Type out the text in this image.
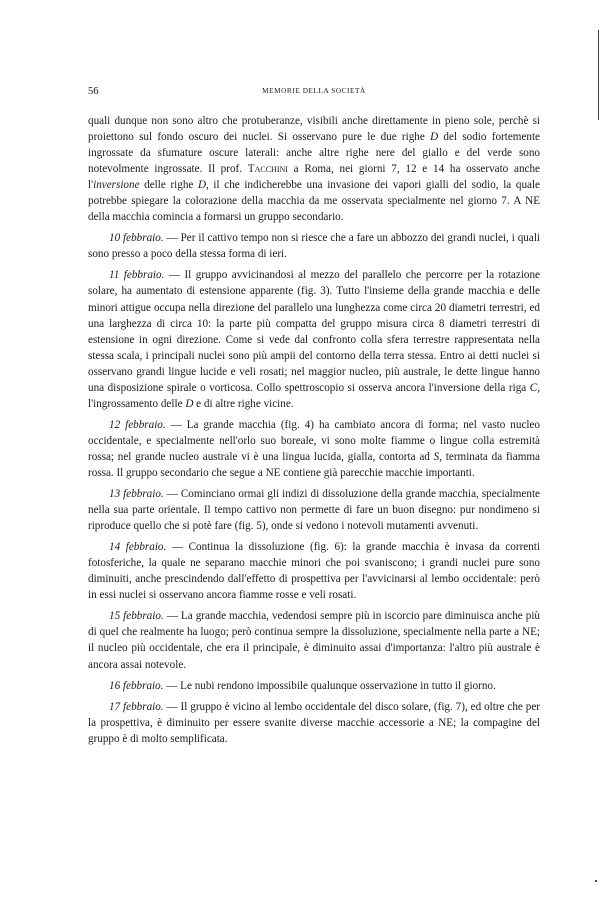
56	MEMORIE DELLA SOCIETÀ

quali dunque non sono altro che protuberanze, visibili anche direttamente in pieno sole, perchè si proiettono sul fondo oscuro dei nuclei. Si osservano pure le due righe D del sodio fortemente ingrossate da sfumature oscure laterali: anche altre righe nere del giallo e del verde sono notevolmente ingrossate. Il prof. Tacchini a Roma, nei giorni 7, 12 e 14 ha osservato anche l'inversione delle righe D, il che indicherebbe una invasione dei vapori gialli del sodio, la quale potrebbe spiegare la colorazione della macchia da me osservata specialmente nel giorno 7. A NE della macchia comincia a formarsi un gruppo secondario.

10 febbraio. — Per il cattivo tempo non si riesce che a fare un abbozzo dei grandi nuclei, i quali sono presso a poco della stessa forma di ieri.

11 febbraio. — Il gruppo avvicinandosi al mezzo del parallelo che percorre per la rotazione solare, ha aumentato di estensione apparente (fig. 3). Tutto l'insieme della grande macchia e delle minori attigue occupa nella direzione del parallelo una lunghezza come circa 20 diametri terrestri, ed una larghezza di circa 10: la parte più compatta del gruppo misura circa 8 diametri terrestri di estensione in ogni direzione. Come si vede dal confronto colla sfera terrestre rappresentata nella stessa scala, i principali nuclei sono più ampii del contorno della terra stessa. Entro ai detti nuclei si osservano grandi lingue lucide e veli rosati; nel maggior nucleo, più australe, le dette lingue hanno una disposizione spirale o vorticosa. Collo spettroscopio si osserva ancora l'inversione della riga C, l'ingrossamento delle D e di altre righe vicine.

12 febbraio. — La grande macchia (fig. 4) ha cambiato ancora di forma; nel vasto nucleo occidentale, e specialmente nell'orlo suo boreale, vi sono molte fiamme o lingue colla estremità rossa; nel grande nucleo australe vi è una lingua lucida, gialla, contorta ad S, terminata da fiamma rossa. Il gruppo secondario che segue a NE contiene già parecchie macchie importanti.

13 febbraio. — Cominciano ormai gli indizi di dissoluzione della grande macchia, specialmente nella sua parte orientale. Il tempo cattivo non permette di fare un buon disegno: pur nondimeno si riproduce quello che si potè fare (fig. 5), onde si vedono i notevoli mutamenti avvenuti.

14 febbraio. — Continua la dissoluzione (fig. 6): la grande macchia è invasa da correnti fotosferiche, la quale ne separano macchie minori che poi svaniscono; i grandi nuclei pure sono diminuiti, anche prescindendo dall'effetto di prospettiva per l'avvicinarsi al lembo occidentale: però in essi nuclei si osservano ancora fiamme rosse e veli rosati.

15 febbraio. — La grande macchia, vedendosi sempre più in iscorcio pare diminuisca anche più di quel che realmente ha luogo; però continua sempre la dissoluzione, specialmente nella parte a NE; il nucleo più occidentale, che era il principale, è diminuito assai d'importanza: l'altro più australe è ancora assai notevole.

16 febbraio. — Le nubi rendono impossibile qualunque osservazione in tutto il giorno.

17 febbraio. — Il gruppo è vicino al lembo occidentale del disco solare, (fig. 7), ed oltre che per la prospettiva, è diminuito per essere svanite diverse macchie accessorie a NE; la compagine del gruppo è di molto semplificata.
